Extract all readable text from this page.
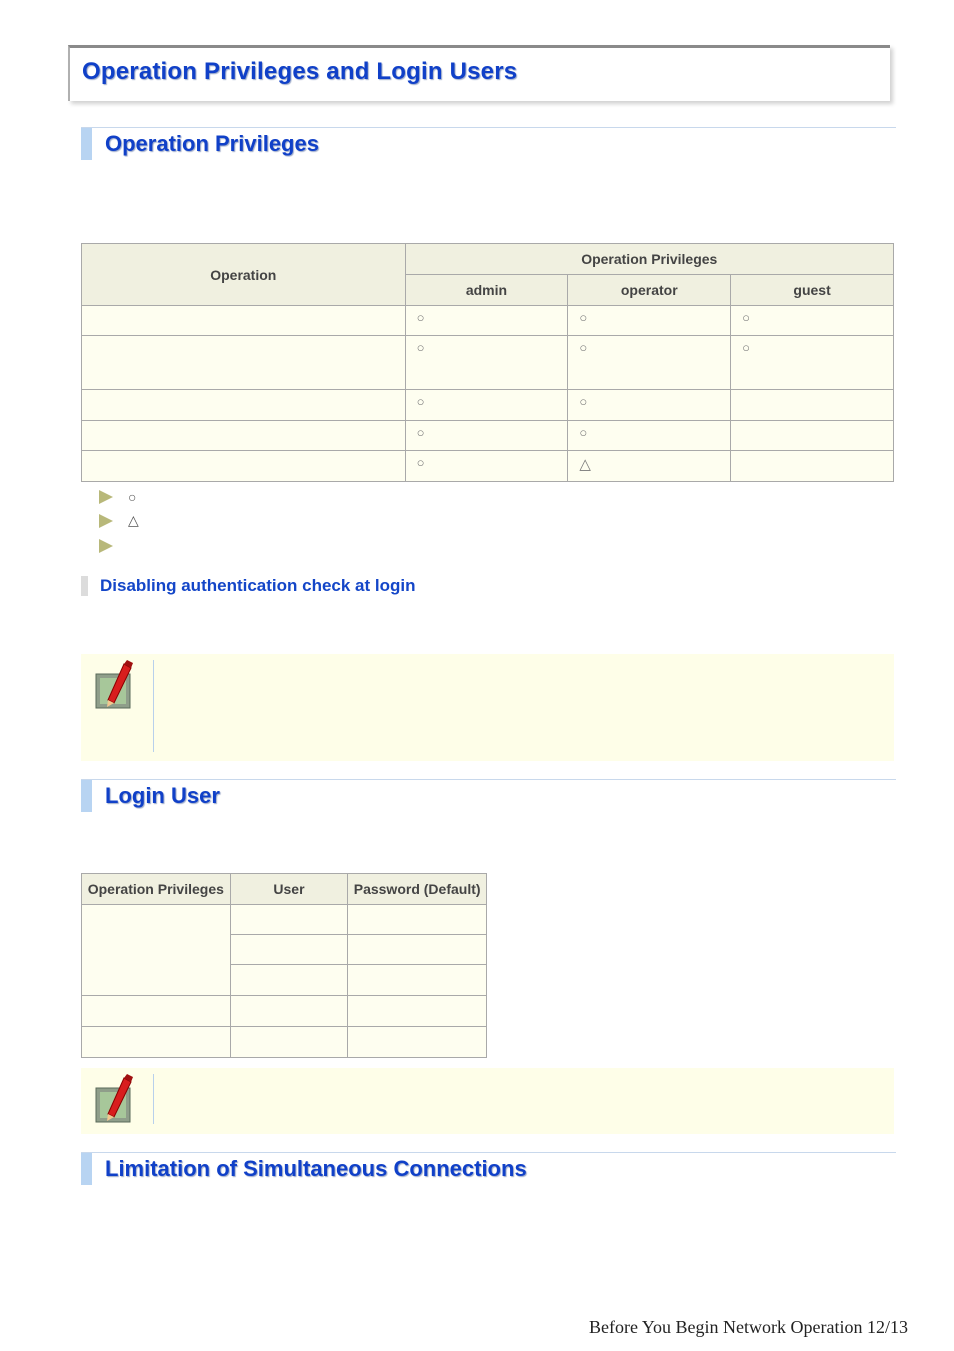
Operation Privileges and Login Users
Operation Privileges
Operation	Operation Privileges		
	admin	operator	guest

	○	○	○

	○	○	○

	○	○	

	○	○	

	○	△	

○
△
Disabling authentication check at login
Login User
Operation Privileges	User	Password (Default)

Limitation of Simultaneous Connections
Before You Begin Network Operation 12/13
